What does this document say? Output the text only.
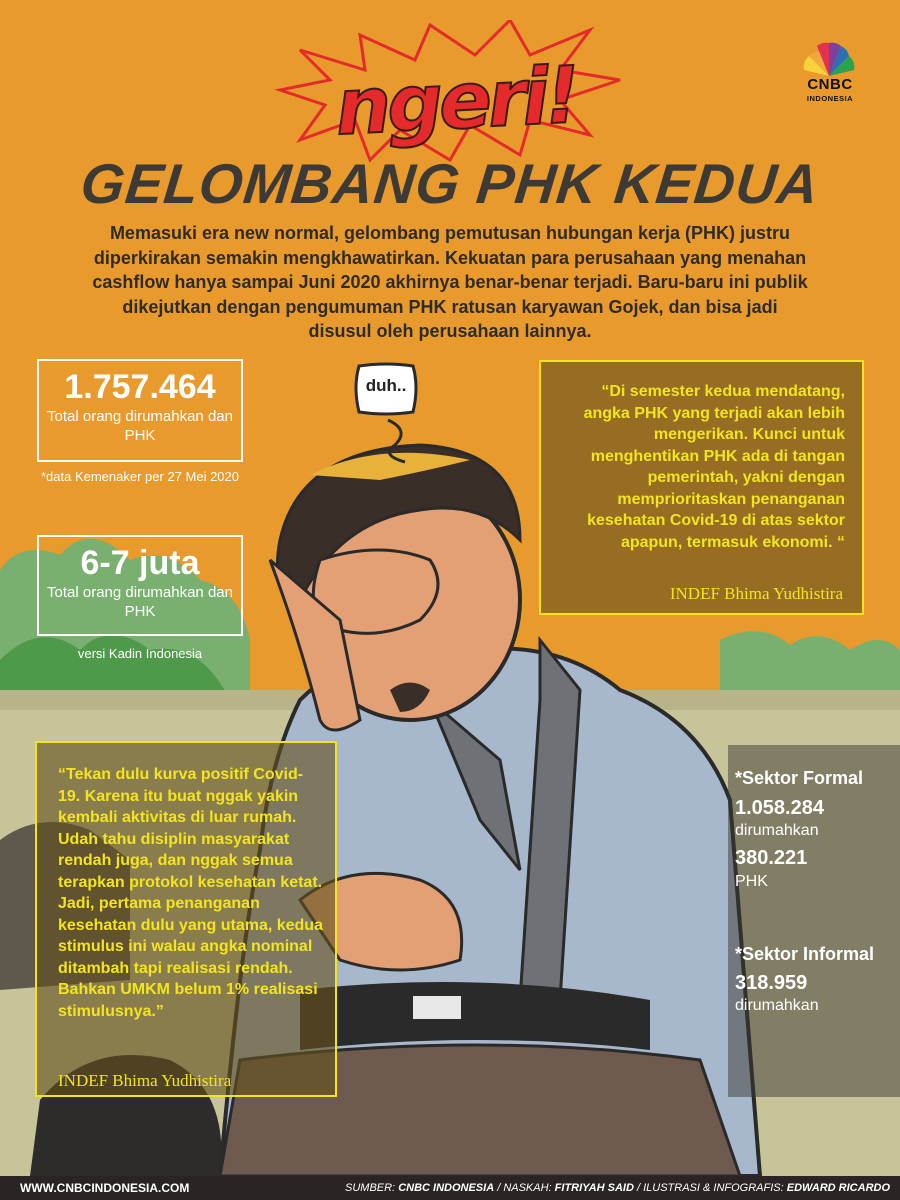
CNBC
INDONESIA
ngeri!
GELOMBANG PHK KEDUA
Memasuki era new normal, gelombang pemutusan hubungan kerja (PHK) justru diperkirakan semakin mengkhawatirkan. Kekuatan para perusahaan yang menahan cashflow hanya sampai Juni 2020 akhirnya benar-benar terjadi. Baru-baru ini publik dikejutkan dengan pengumuman PHK ratusan karyawan Gojek, dan bisa jadi disusul oleh perusahaan lainnya.
1.757.464
Total orang dirumahkan dan PHK
*data Kemenaker per 27 Mei 2020
6-7 juta
Total orang dirumahkan dan PHK
versi Kadin Indonesia
duh..	“Di semester kedua mendatang, angka PHK yang terjadi akan lebih mengerikan. Kunci untuk menghentikan PHK ada di tangan pemerintah, yakni dengan memprioritaskan penanganan kesehatan Covid-19 di atas sektor apapun, termasuk ekonomi. “
INDEF Bhima Yudhistira
“Tekan dulu kurva positif Covid-19. Karena itu buat nggak yakin kembali aktivitas di luar rumah. Udah tahu disiplin masyarakat rendah juga, dan nggak semua terapkan protokol kesehatan ketat. Jadi, pertama penanganan kesehatan dulu yang utama, kedua stimulus ini walau angka nominal ditambah tapi realisasi rendah. Bahkan UMKM belum 1% realisasi stimulusnya.”
INDEF Bhima Yudhistira
*Sektor Formal
1.058.284
dirumahkan
380.221
PHK
*Sektor Informal
318.959
dirumahkan
WWW.CNBCINDONESIA.COM	SUMBER: CNBC INDONESIA / NASKAH: FITRIYAH SAID / ILUSTRASI & INFOGRAFIS: EDWARD RICARDO
